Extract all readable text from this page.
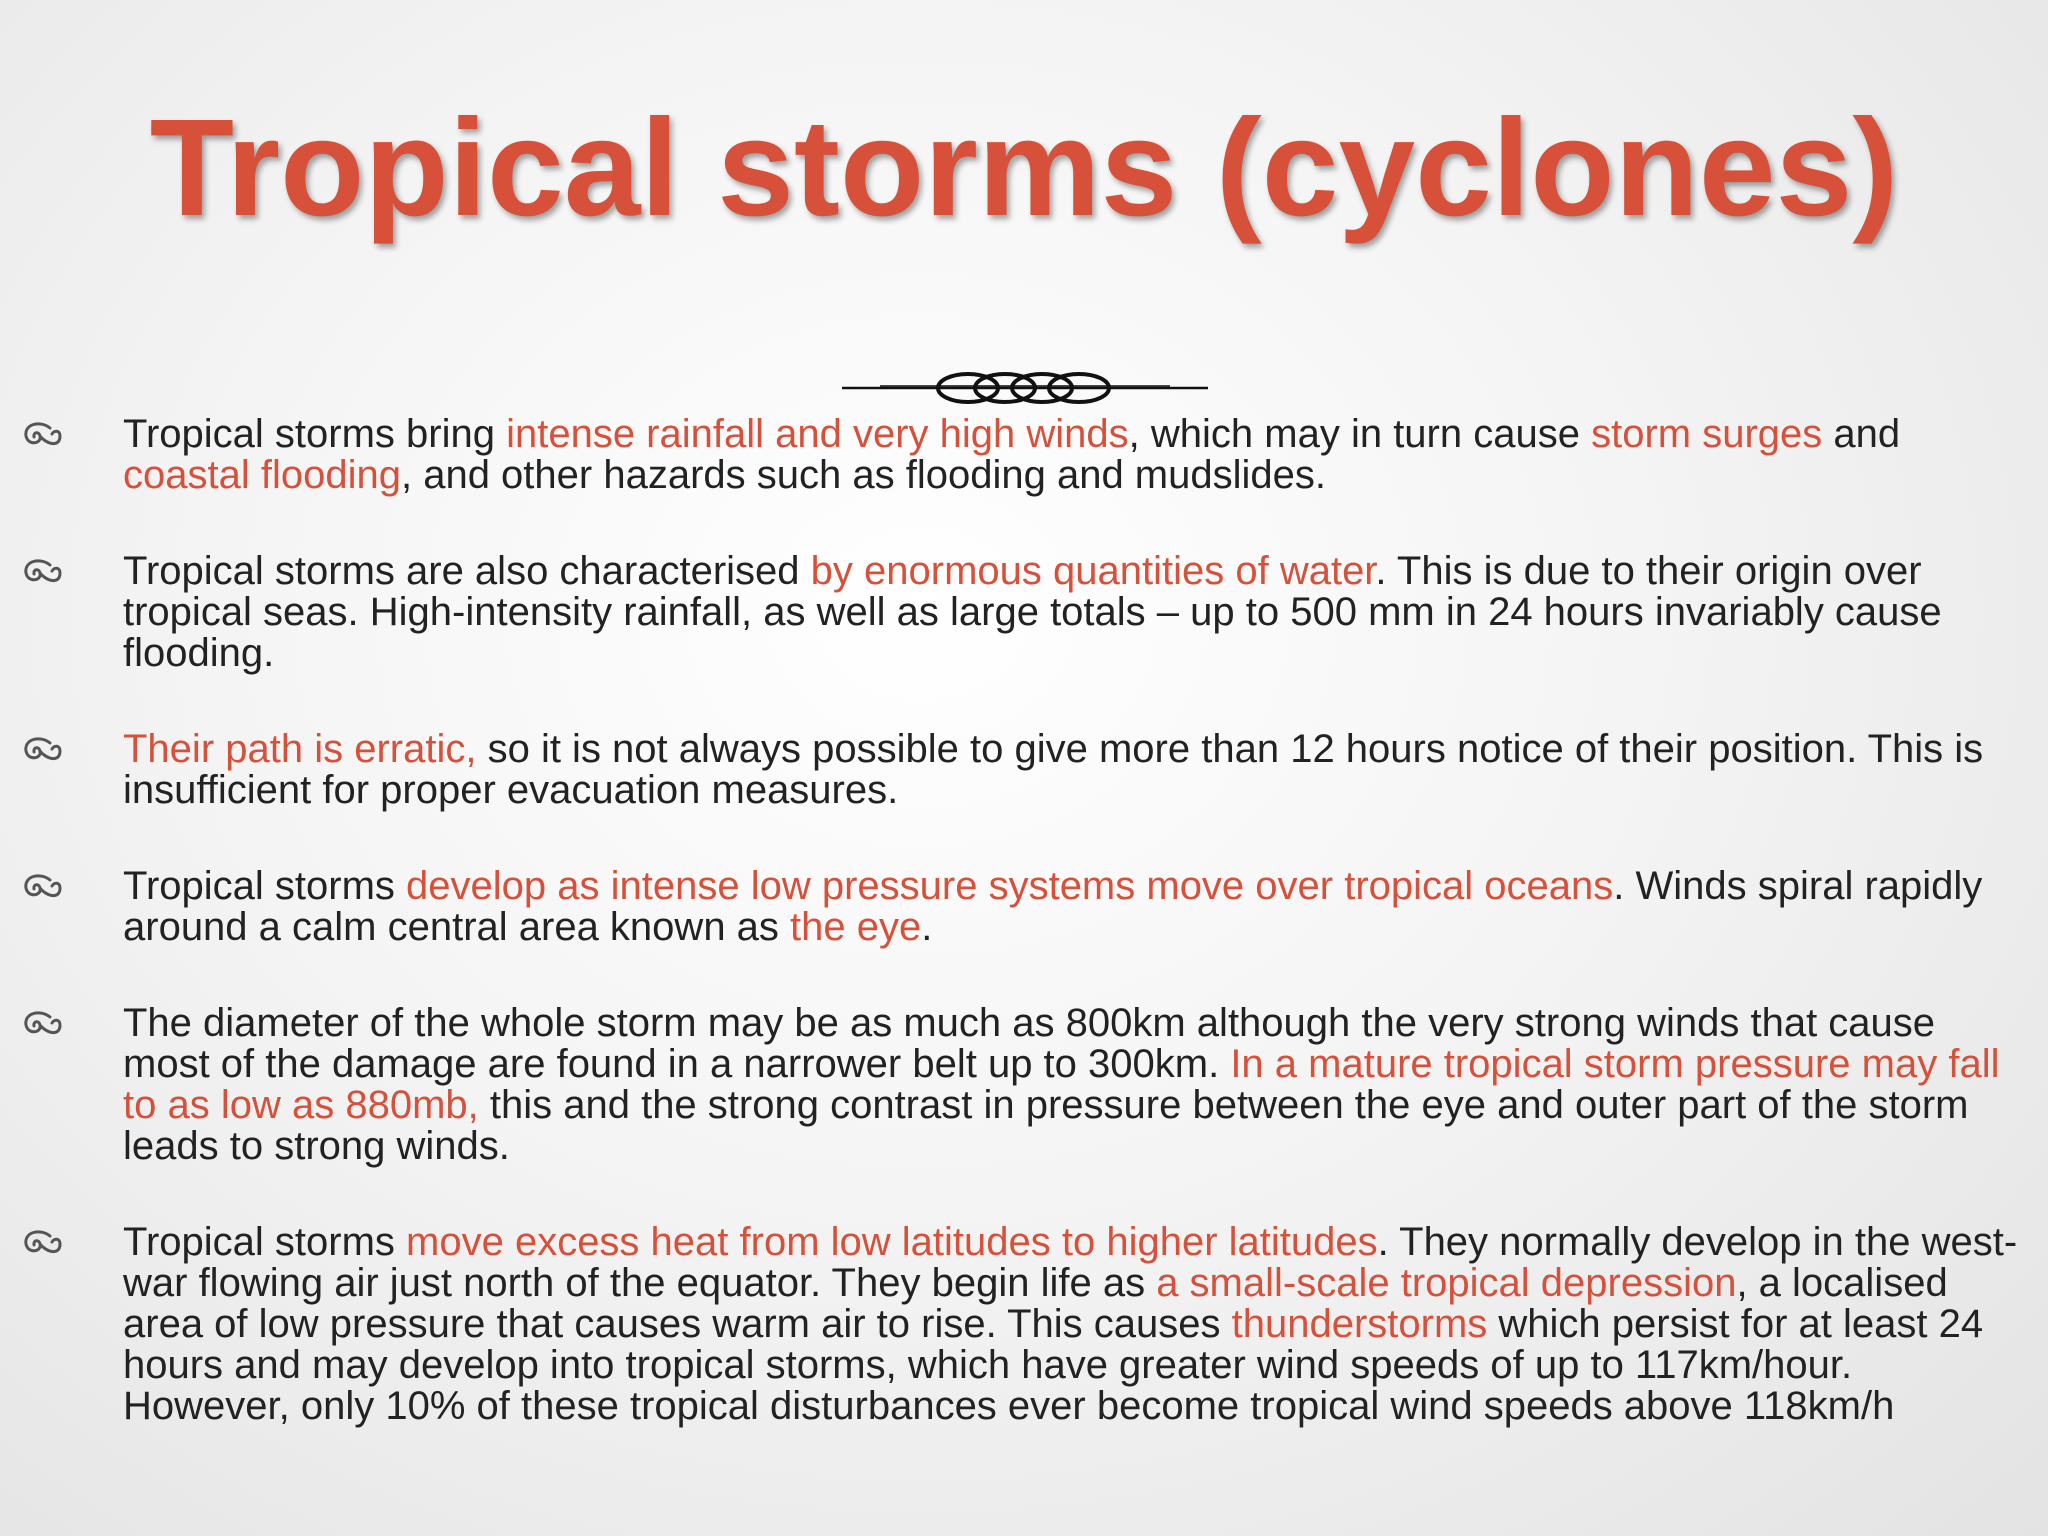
Tropical storms (cyclones)
Tropical storms bring intense rainfall and very high winds, which may in turn cause storm surges and coastal flooding, and other hazards such as flooding and mudslides.
Tropical storms are also characterised by enormous quantities of water. This is due to their origin over tropical seas. High-intensity rainfall, as well as large totals – up to 500 mm in 24 hours invariably cause flooding.
Their path is erratic, so it is not always possible to give more than 12 hours notice of their position. This is insufficient for proper evacuation measures.
Tropical storms develop as intense low pressure systems move over tropical oceans. Winds spiral rapidly around a calm central area known as the eye.
The diameter of the whole storm may be as much as 800km although the very strong winds that cause most of the damage are found in a narrower belt up to 300km. In a mature tropical storm pressure may fall to as low as 880mb, this and the strong contrast in pressure between the eye and outer part of the storm leads to strong winds.
Tropical storms move excess heat from low latitudes to higher latitudes. They normally develop in the west-war flowing air just north of the equator. They begin life as a small-scale tropical depression, a localised area of low pressure that causes warm air to rise. This causes thunderstorms which persist for at least 24 hours and may develop into tropical storms, which have greater wind speeds of up to 117km/hour. However, only 10% of these tropical disturbances ever become tropical wind speeds above 118km/h
